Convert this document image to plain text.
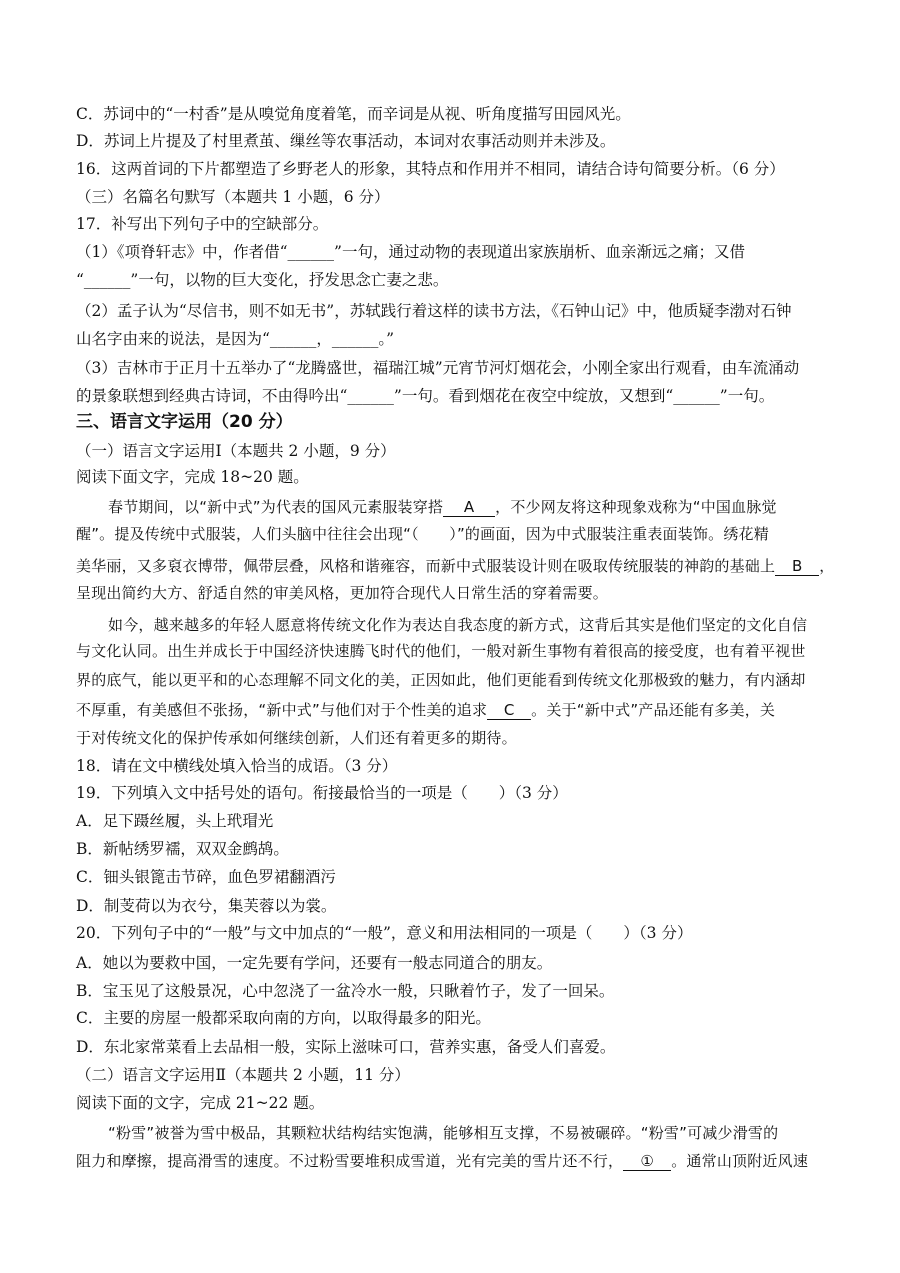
C．苏词中的“一村香”是从嗅觉角度着笔，而辛词是从视、听角度描写田园风光。
D．苏词上片提及了村里煮茧、缫丝等农事活动，本词对农事活动则并未涉及。
16．这两首词的下片都塑造了乡野老人的形象，其特点和作用并不相同，请结合诗句简要分析。（6 分）
（三）名篇名句默写（本题共 1 小题，6 分）
17．补写出下列句子中的空缺部分。
（1）《项脊轩志》中，作者借“______”一句，通过动物的表现道出家族崩析、血亲渐远之痛；又借
“______”一句，以物的巨大变化，抒发思念亡妻之悲。
（2）孟子认为“尽信书，则不如无书”，苏轼践行着这样的读书方法，《石钟山记》中，他质疑李渤对石钟
山名字由来的说法，是因为“______，______。”
（3）吉林市于正月十五举办了“龙腾盛世，福瑞江城”元宵节河灯烟花会，小刚全家出行观看，由车流涌动
的景象联想到经典古诗词，不由得吟出“______”一句。看到烟花在夜空中绽放，又想到“______”一句。
三、语言文字运用（20 分）
（一）语言文字运用Ⅰ（本题共 2 小题，9 分）
阅读下面文字，完成 18~20 题。
春节期间，以“新中式”为代表的国风元素服装穿搭 A ，不少网友将这种现象戏称为“中国血脉觉
醒”。提及传统中式服装，人们头脑中往往会出现“（　　）”的画面，因为中式服装注重表面装饰。绣花精
美华丽，又多裒衣博带，佩带层叠，风格和谐雍容，而新中式服装设计则在吸取传统服装的神韵的基础上 B ，
呈现出简约大方、舒适自然的审美风格，更加符合现代人日常生活的穿着需要。
如今，越来越多的年轻人愿意将传统文化作为表达自我态度的新方式，这背后其实是他们坚定的文化自信
与文化认同。出生并成长于中国经济快速腾飞时代的他们，一般对新生事物有着很高的接受度，也有着平视世
界的底气，能以更平和的心态理解不同文化的美，正因如此，他们更能看到传统文化那极致的魅力，有内涵却
不厚重，有美感但不张扬，“新中式”与他们对于个性美的追求 C 。关于“新中式”产品还能有多美，关
于对传统文化的保护传承如何继续创新，人们还有着更多的期待。
18．请在文中横线处填入恰当的成语。（3 分）
19．下列填入文中括号处的语句。衔接最恰当的一项是（　　）（3 分）
A．足下蹑丝履，头上玳瑁光
B．新帖绣罗襦，双双金鹧鸪。
C．钿头银篦击节碎，血色罗裙翻酒污
D．制芰荷以为衣兮，集芙蓉以为裳。
20．下列句子中的“一般”与文中加点的“一般”，意义和用法相同的一项是（　　）（3 分）
A．她以为要救中国，一定先要有学问，还要有一般志同道合的朋友。
B．宝玉见了这般景况，心中忽浇了一盆冷水一般，只瞅着竹子，发了一回呆。
C．主要的房屋一般都采取向南的方向，以取得最多的阳光。
D．东北家常菜看上去品相一般，实际上滋味可口，营养实惠，备受人们喜爱。
（二）语言文字运用Ⅱ（本题共 2 小题，11 分）
阅读下面的文字，完成 21~22 题。
“粉雪”被誉为雪中极品，其颗粒状结构结实饱满，能够相互支撑，不易被碾碎。“粉雪”可减少滑雪的
阻力和摩擦，提高滑雪的速度。不过粉雪要堆积成雪道，光有完美的雪片还不行， ① 。通常山顶附近风速
